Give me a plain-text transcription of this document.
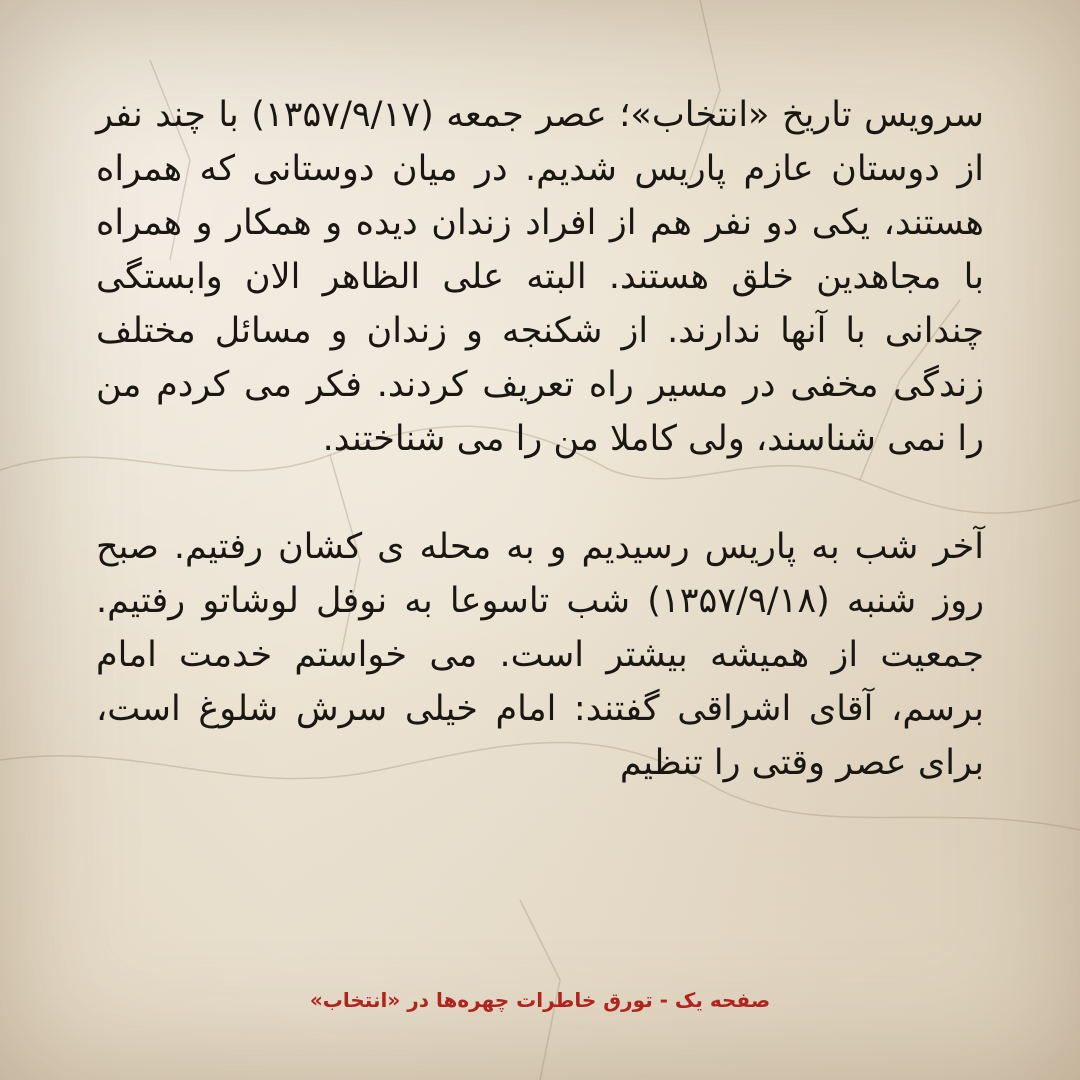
سرویس تاریخ «انتخاب»؛ عصر جمعه (۱۳۵۷/۹/۱۷) با چند نفر از دوستان عازم پاریس شدیم. در میان دوستانی که همراه هستند، یکی دو نفر هم از افراد زندان دیده و همکار و همراه با مجاهدین خلق هستند. البته علی الظاهر الان وابستگی چندانی با آنها ندارند. از شکنجه و زندان و مسائل مختلف زندگی مخفی در مسیر راه تعریف کردند. فکر می کردم من را نمی شناسند، ولی کاملا من را می شناختند.

آخر شب به پاریس رسیدیم و به محله ی کشان رفتیم. صبح روز شنبه (۱۳۵۷/۹/۱۸) شب تاسوعا به نوفل لوشاتو رفتیم. جمعیت از همیشه بیشتر است. می خواستم خدمت امام برسم، آقای اشراقی گفتند: امام خیلی سرش شلوغ است، برای عصر وقتی را تنظیم

صفحه یک - تورق خاطرات چهره‌ها در «انتخاب»
